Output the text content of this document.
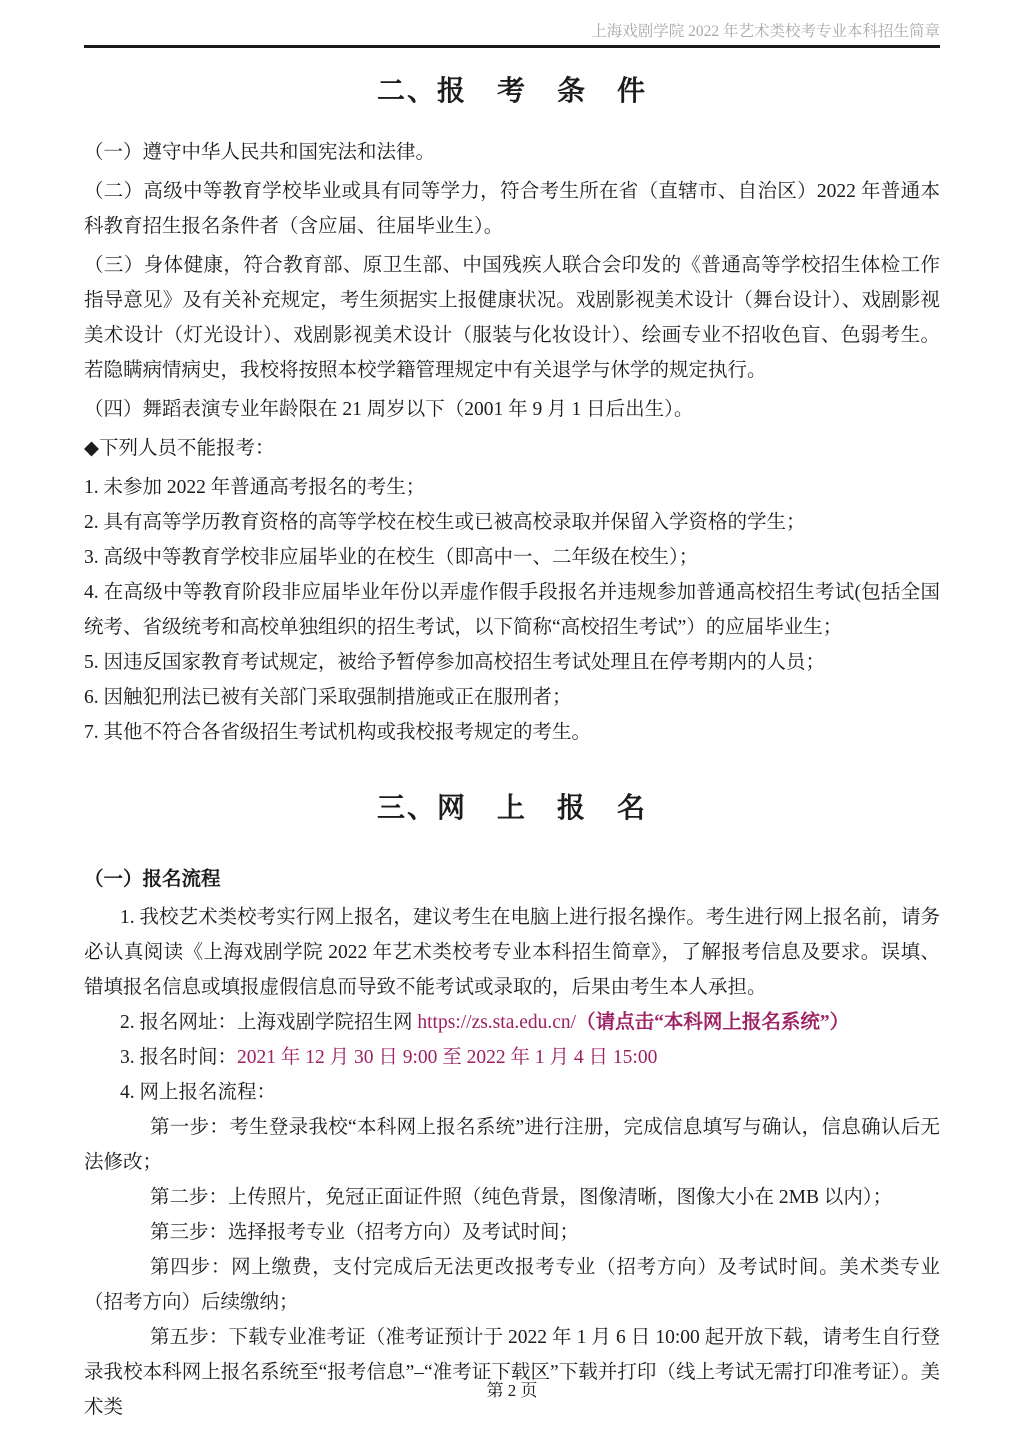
上海戏剧学院 2022 年艺术类校考专业本科招生简章
二、报　考　条　件

（一）遵守中华人民共和国宪法和法律。

（二）高级中等教育学校毕业或具有同等学力，符合考生所在省（直辖市、自治区）2022 年普通本科教育招生报名条件者（含应届、往届毕业生）。

（三）身体健康，符合教育部、原卫生部、中国残疾人联合会印发的《普通高等学校招生体检工作指导意见》及有关补充规定，考生须据实上报健康状况。戏剧影视美术设计（舞台设计）、戏剧影视美术设计（灯光设计）、戏剧影视美术设计（服装与化妆设计）、绘画专业不招收色盲、色弱考生。若隐瞒病情病史，我校将按照本校学籍管理规定中有关退学与休学的规定执行。

（四）舞蹈表演专业年龄限在 21 周岁以下（2001 年 9 月 1 日后出生）。

◆下列人员不能报考：

1. 未参加 2022 年普通高考报名的考生；

2. 具有高等学历教育资格的高等学校在校生或已被高校录取并保留入学资格的学生；

3. 高级中等教育学校非应届毕业的在校生（即高中一、二年级在校生）；

4. 在高级中等教育阶段非应届毕业年份以弄虚作假手段报名并违规参加普通高校招生考试(包括全国统考、省级统考和高校单独组织的招生考试，以下简称“高校招生考试”）的应届毕业生；

5. 因违反国家教育考试规定，被给予暂停参加高校招生考试处理且在停考期内的人员；

6. 因触犯刑法已被有关部门采取强制措施或正在服刑者；

7. 其他不符合各省级招生考试机构或我校报考规定的考生。

三、网　上　报　名

（一）报名流程

1. 我校艺术类校考实行网上报名，建议考生在电脑上进行报名操作。考生进行网上报名前，请务必认真阅读《上海戏剧学院 2022 年艺术类校考专业本科招生简章》，了解报考信息及要求。误填、错填报名信息或填报虚假信息而导致不能考试或录取的，后果由考生本人承担。

2. 报名网址：上海戏剧学院招生网 https://zs.sta.edu.cn/（请点击“本科网上报名系统”）

3. 报名时间：2021 年 12 月 30 日 9:00 至 2022 年 1 月 4 日 15:00

4. 网上报名流程：

第一步：考生登录我校“本科网上报名系统”进行注册，完成信息填写与确认，信息确认后无法修改；

第二步：上传照片，免冠正面证件照（纯色背景，图像清晰，图像大小在 2MB 以内）；

第三步：选择报考专业（招考方向）及考试时间；

第四步：网上缴费，支付完成后无法更改报考专业（招考方向）及考试时间。美术类专业（招考方向）后续缴纳；

第五步：下载专业准考证（准考证预计于 2022 年 1 月 6 日 10:00 起开放下载，请考生自行登录我校本科网上报名系统至“报考信息”–“准考证下载区”下载并打印（线上考试无需打印准考证）。美术类

第 2 页
